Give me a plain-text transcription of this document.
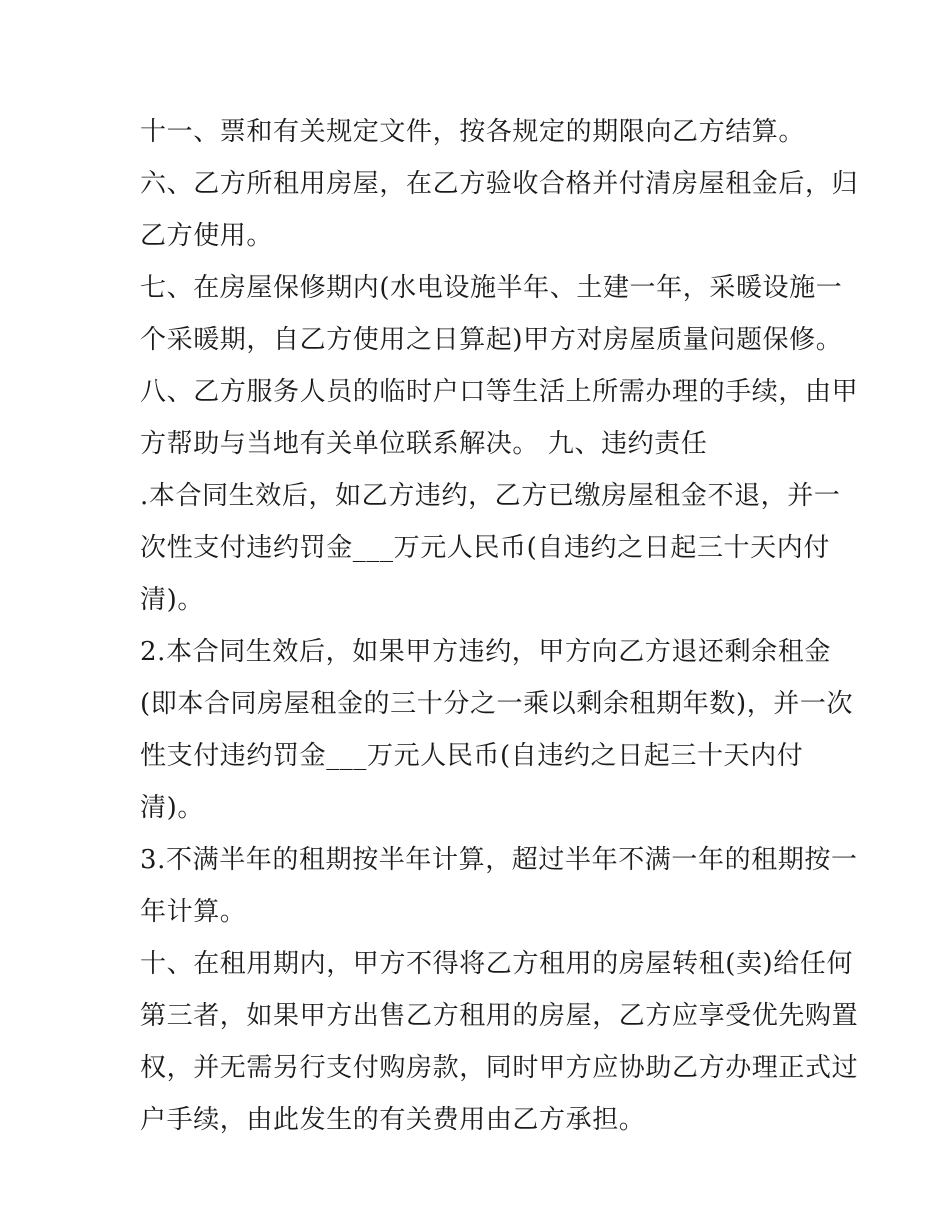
十一、票和有关规定文件，按各规定的期限向乙方结算。
六、乙方所租用房屋，在乙方验收合格并付清房屋租金后，归
乙方使用。
七、在房屋保修期内(水电设施半年、土建一年，采暖设施一
个采暖期，自乙方使用之日算起)甲方对房屋质量问题保修。
八、乙方服务人员的临时户口等生活上所需办理的手续，由甲
方帮助与当地有关单位联系解决。 九、违约责任
.本合同生效后，如乙方违约，乙方已缴房屋租金不退，并一
次性支付违约罚金___万元人民币(自违约之日起三十天内付
清)。
2.本合同生效后，如果甲方违约，甲方向乙方退还剩余租金
(即本合同房屋租金的三十分之一乘以剩余租期年数)，并一次
性支付违约罚金___万元人民币(自违约之日起三十天内付
清)。
3.不满半年的租期按半年计算，超过半年不满一年的租期按一
年计算。
十、在租用期内，甲方不得将乙方租用的房屋转租(卖)给任何
第三者，如果甲方出售乙方租用的房屋，乙方应享受优先购置
权，并无需另行支付购房款，同时甲方应协助乙方办理正式过
户手续，由此发生的有关费用由乙方承担。
